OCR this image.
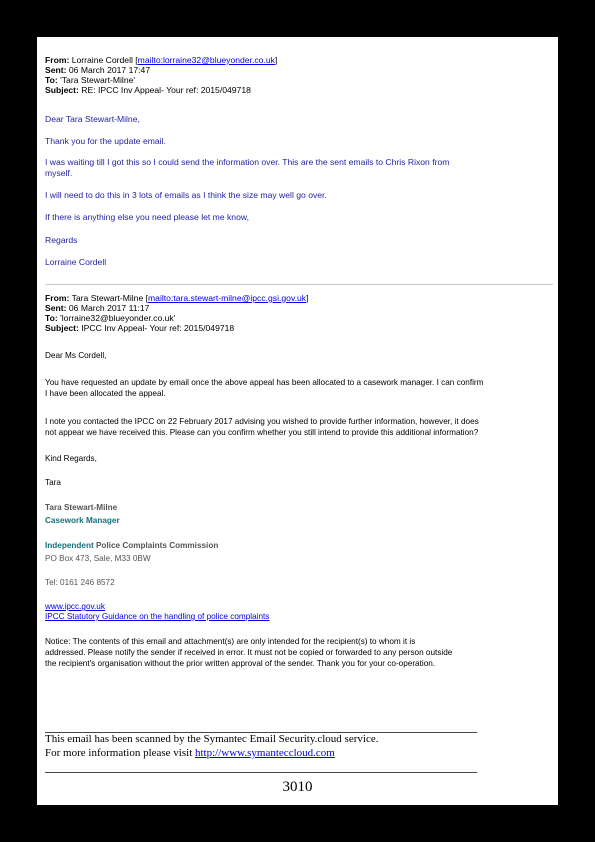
From: Lorraine Cordell [mailto:lorraine32@blueyonder.co.uk]
Sent: 06 March 2017 17:47
To: 'Tara Stewart-Milne'
Subject: RE: IPCC Inv Appeal- Your ref: 2015/049718
Dear Tara Stewart-Milne,
Thank you for the update email.
I was waiting till I got this so I could send the information over. This are the sent emails to Chris Rixon from
myself.
I will need to do this in 3 lots of emails as I think the size may well go over.
If there is anything else you need please let me know,
Regards
Lorraine Cordell
From: Tara Stewart-Milne [mailto:tara.stewart-milne@ipcc.gsi.gov.uk]
Sent: 06 March 2017 11:17
To: 'lorraine32@blueyonder.co.uk'
Subject: IPCC Inv Appeal- Your ref: 2015/049718
Dear Ms Cordell,
You have requested an update by email once the above appeal has been allocated to a casework manager. I can confirm
I have been allocated the appeal.
I note you contacted the IPCC on 22 February 2017 advising you wished to provide further information, however, it does
not appear we have received this. Please can you confirm whether you still intend to provide this additional information?
Kind Regards,
Tara
Tara Stewart-Milne
Casework Manager
Independent Police Complaints Commission
PO Box 473, Sale, M33 0BW
Tel: 0161 246 8572
www.ipcc.gov.uk
IPCC Statutory Guidance on the handling of police complaints
Notice: The contents of this email and attachment(s) are only intended for the recipient(s) to whom it is
addressed. Please notify the sender if received in error. It must not be copied or forwarded to any person outside
the recipient's organisation without the prior written approval of the sender. Thank you for your co-operation.
This email has been scanned by the Symantec Email Security.cloud service.
For more information please visit http://www.symanteccloud.com
3010
